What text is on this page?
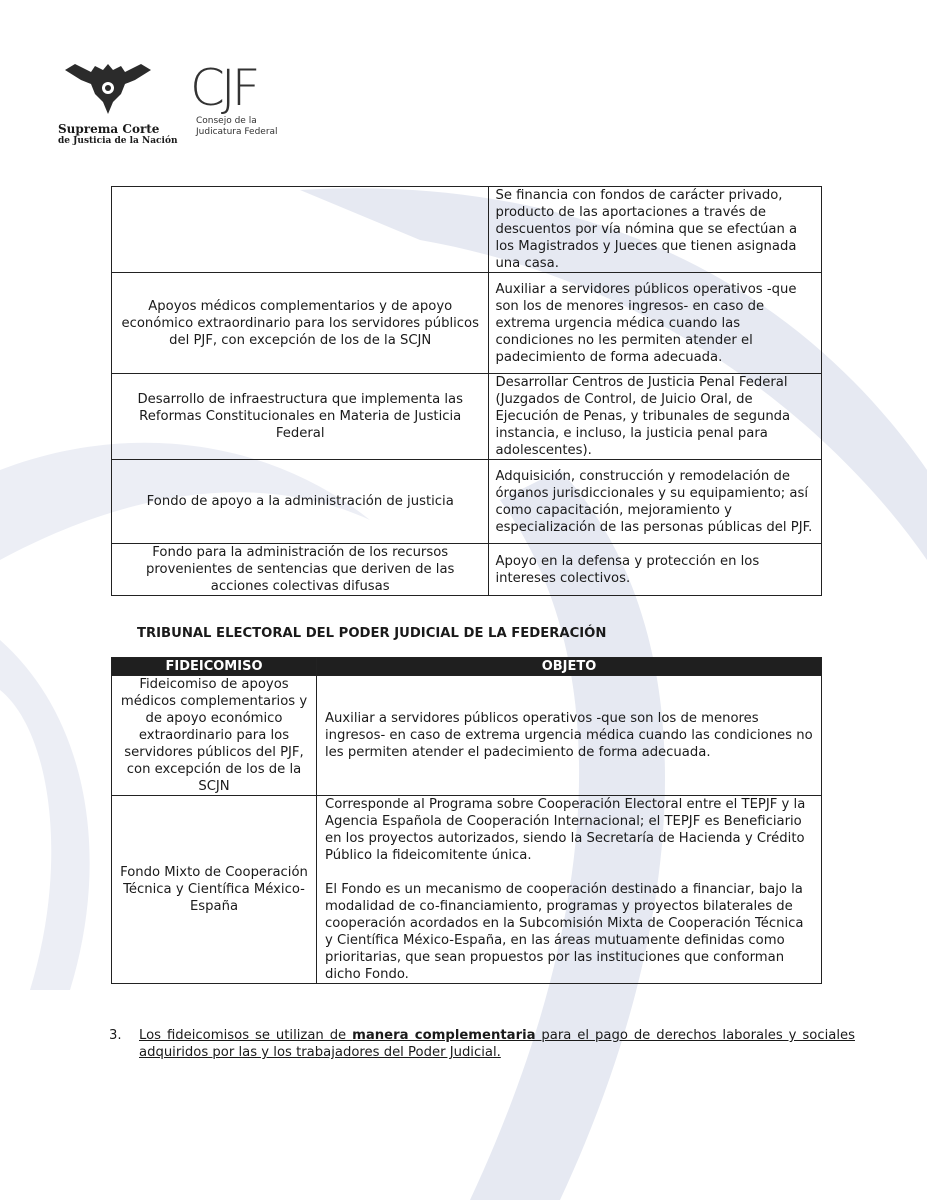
Suprema Corte
de Justicia de la Nación
CJF
Consejo de la
Judicatura Federal
	Se financia con fondos de carácter privado, producto de las aportaciones a través de descuentos por vía nómina que se efectúan a los Magistrados y Jueces que tienen asignada una casa.
Apoyos médicos complementarios y de apoyo económico extraordinario para los servidores públicos del PJF, con excepción de los de la SCJN	Auxiliar a servidores públicos operativos -que son los de menores ingresos- en caso de extrema urgencia médica cuando las condiciones no les permiten atender el padecimiento de forma adecuada.
Desarrollo de infraestructura que implementa las Reformas Constitucionales en Materia de Justicia Federal	Desarrollar Centros de Justicia Penal Federal (Juzgados de Control, de Juicio Oral, de Ejecución de Penas, y tribunales de segunda instancia, e incluso, la justicia penal para adolescentes).
Fondo de apoyo a la administración de justicia	Adquisición, construcción y remodelación de órganos jurisdiccionales y su equipamiento; así como capacitación, mejoramiento y especialización de las personas públicas del PJF.
Fondo para la administración de los recursos provenientes de sentencias que deriven de las acciones colectivas difusas	Apoyo en la defensa y protección en los intereses colectivos.
TRIBUNAL ELECTORAL DEL PODER JUDICIAL DE LA FEDERACIÓN
FIDEICOMISO	OBJETO
Fideicomiso de apoyos médicos complementarios y de apoyo económico extraordinario para los servidores públicos del PJF, con excepción de los de la SCJN	Auxiliar a servidores públicos operativos -que son los de menores ingresos- en caso de extrema urgencia médica cuando las condiciones no les permiten atender el padecimiento de forma adecuada.

Fondo Mixto de Cooperación Técnica y Científica México-España	Corresponde al Programa sobre Cooperación Electoral entre el TEPJF y la Agencia Española de Cooperación Internacional; el TEPJF es Beneficiario en los proyectos autorizados, siendo la Secretaría de Hacienda y Crédito Público la fideicomitente única.

El Fondo es un mecanismo de cooperación destinado a financiar, bajo la modalidad de co-financiamiento, programas y proyectos bilaterales de cooperación acordados en la Subcomisión Mixta de Cooperación Técnica y Científica México-España, en las áreas mutuamente definidas como prioritarias, que sean propuestos por las instituciones que conforman dicho Fondo.

3. Los fideicomisos se utilizan de manera complementaria para el pago de derechos laborales y sociales adquiridos por las y los trabajadores del Poder Judicial.
